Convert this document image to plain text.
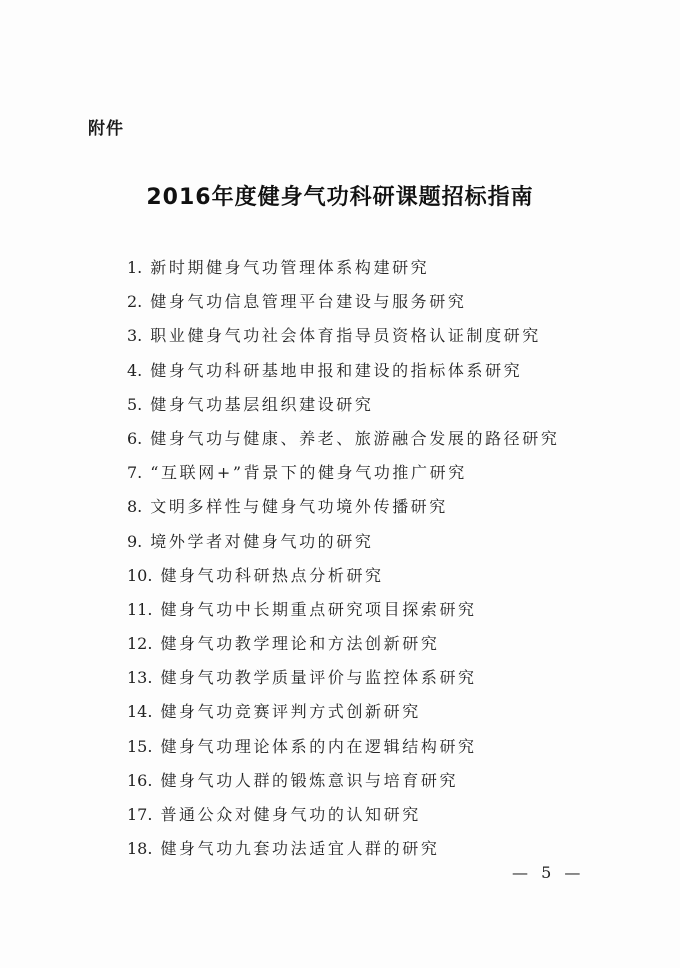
附件
2016年度健身气功科研课题招标指南
1. 新时期健身气功管理体系构建研究
2. 健身气功信息管理平台建设与服务研究
3. 职业健身气功社会体育指导员资格认证制度研究
4. 健身气功科研基地申报和建设的指标体系研究
5. 健身气功基层组织建设研究
6. 健身气功与健康、养老、旅游融合发展的路径研究
7. “互联网+”背景下的健身气功推广研究
8. 文明多样性与健身气功境外传播研究
9. 境外学者对健身气功的研究
10. 健身气功科研热点分析研究
11. 健身气功中长期重点研究项目探索研究
12. 健身气功教学理论和方法创新研究
13. 健身气功教学质量评价与监控体系研究
14. 健身气功竞赛评判方式创新研究
15. 健身气功理论体系的内在逻辑结构研究
16. 健身气功人群的锻炼意识与培育研究
17. 普通公众对健身气功的认知研究
18. 健身气功九套功法适宜人群的研究
— 5 —
